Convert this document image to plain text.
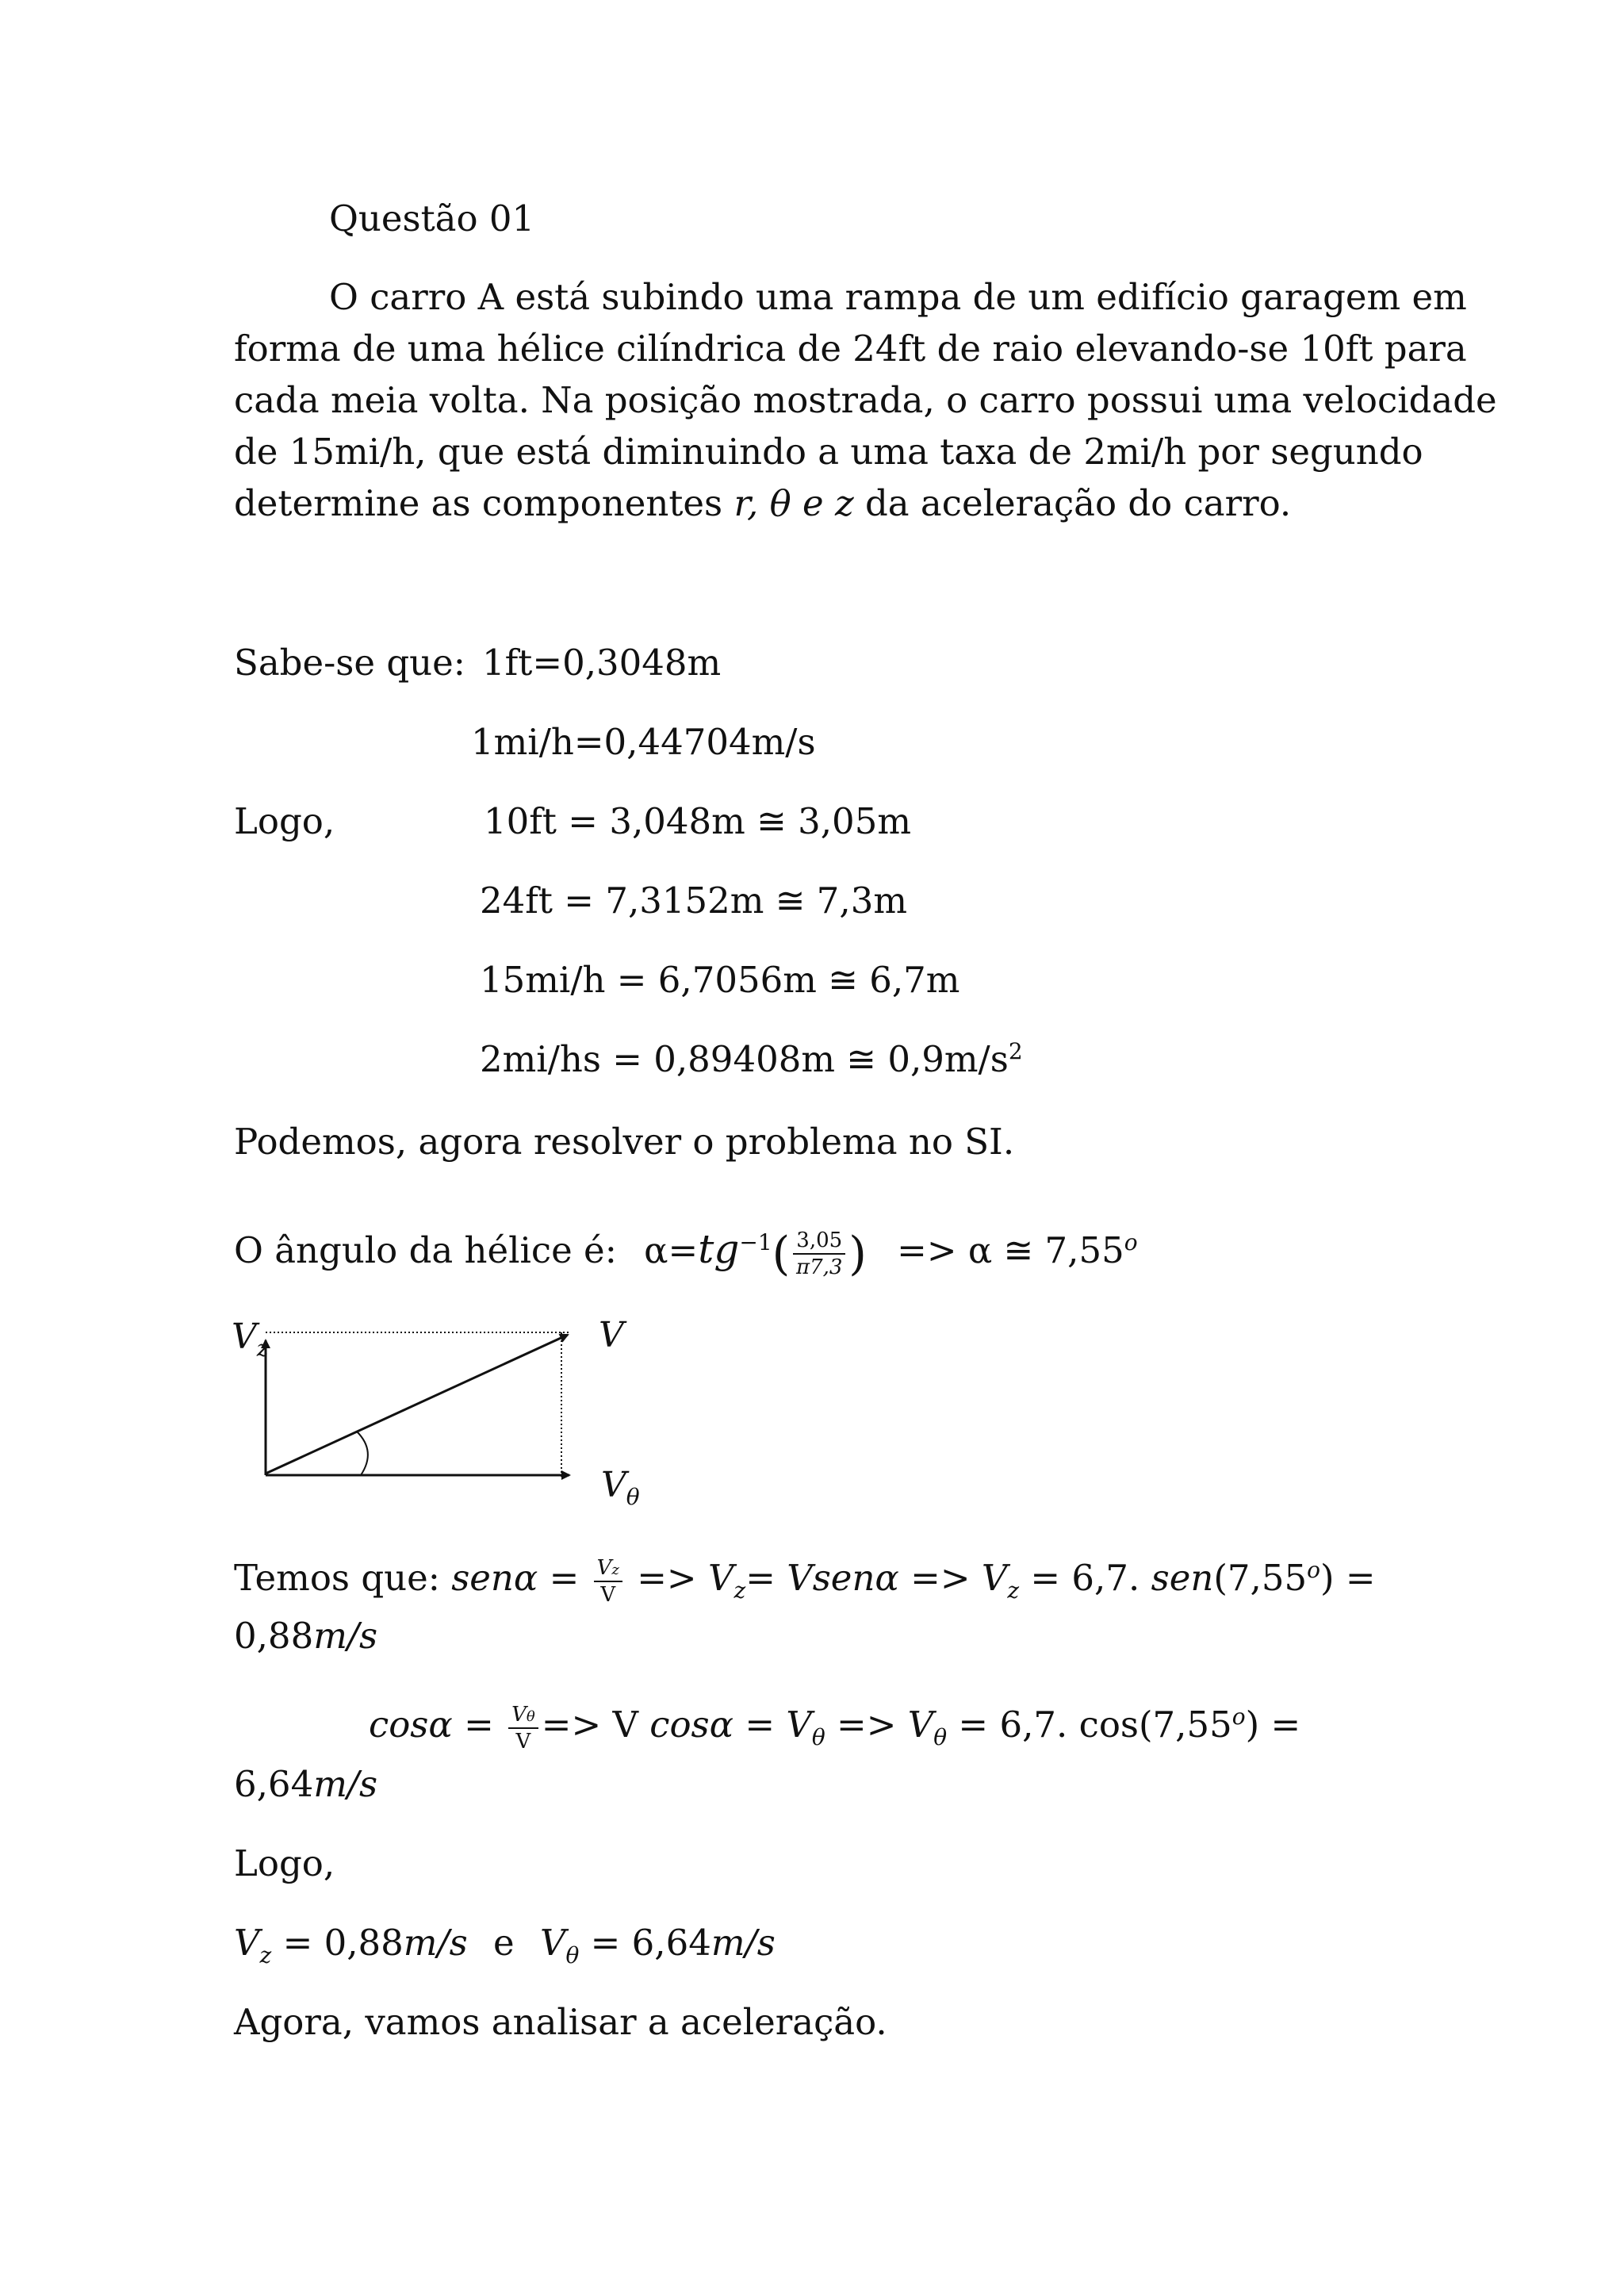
Questão 01
O carro A está subindo uma rampa de um edifício garagem em
forma de uma hélice cilíndrica de 24ft de raio elevando-se 10ft para
cada meia volta. Na posição mostrada, o carro possui uma velocidade
de 15mi/h, que está diminuindo a uma taxa de 2mi/h por segundo
determine as componentes r, θ e z da aceleração do carro.
Sabe-se que: 1ft=0,3048m
1mi/h=0,44704m/s
Logo,	10ft = 3,048m ≅ 3,05m
24ft = 7,3152m ≅ 7,3m
15mi/h = 6,7056m ≅ 6,7m
2mi/hs = 0,89408m ≅ $0,9m/s^2$
Podemos, agora resolver o problema no SI.
O ângulo da hélice é: $\alpha=tg^{-1}( \frac{3,05}{\pi 7,3}$ ) => α ≅ 7,55$^o$
$V_z$	V
$V_\theta$
Temos que: $sen\alpha = \frac{Vz}{V} => V_z=$ Vsenα => $V_z = 6,7$. $sen(7,55^o)$ =
0,88m/s
$\cos\alpha = \frac{V\theta}{V} => V$ $\cos\alpha = V_\theta => V_\theta = 6,7$. $\cos(7,55^o)$ =
6,64m/s
Logo,
$V_z = 0,88m/s$ e $V_\theta = 6,64m/s$
Agora, vamos analisar a aceleração.
